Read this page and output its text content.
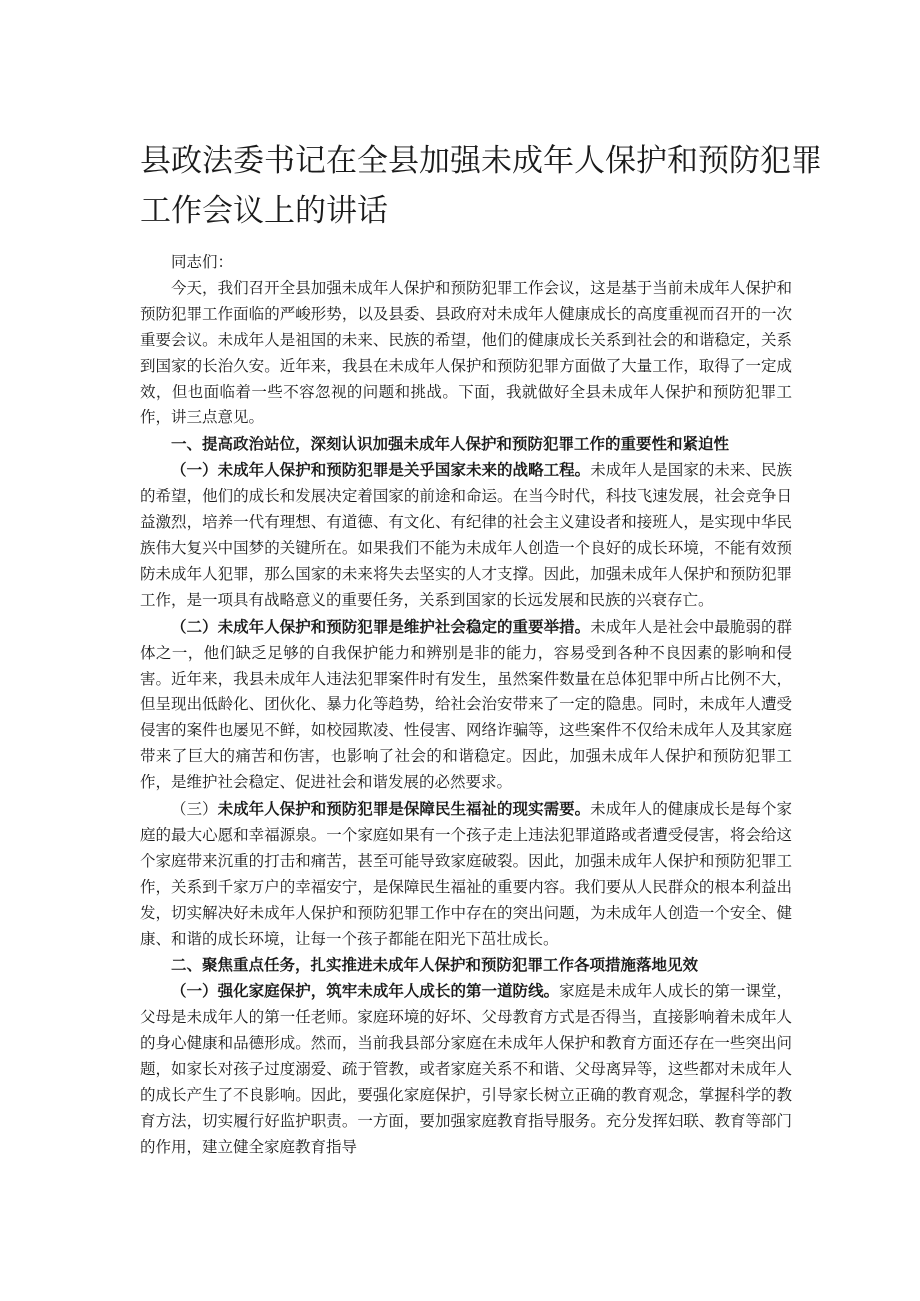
县政法委书记在全县加强未成年人保护和预防犯罪
工作会议上的讲话

同志们：

今天，我们召开全县加强未成年人保护和预防犯罪工作会议，这是基于当前未成年人保护和预防犯罪工作面临的严峻形势，以及县委、县政府对未成年人健康成长的高度重视而召开的一次重要会议。未成年人是祖国的未来、民族的希望，他们的健康成长关系到社会的和谐稳定，关系到国家的长治久安。近年来，我县在未成年人保护和预防犯罪方面做了大量工作，取得了一定成效，但也面临着一些不容忽视的问题和挑战。下面，我就做好全县未成年人保护和预防犯罪工作，讲三点意见。

一、提高政治站位，深刻认识加强未成年人保护和预防犯罪工作的重要性和紧迫性

（一）未成年人保护和预防犯罪是关乎国家未来的战略工程。未成年人是国家的未来、民族的希望，他们的成长和发展决定着国家的前途和命运。在当今时代，科技飞速发展，社会竞争日益激烈，培养一代有理想、有道德、有文化、有纪律的社会主义建设者和接班人，是实现中华民族伟大复兴中国梦的关键所在。如果我们不能为未成年人创造一个良好的成长环境，不能有效预防未成年人犯罪，那么国家的未来将失去坚实的人才支撑。因此，加强未成年人保护和预防犯罪工作，是一项具有战略意义的重要任务，关系到国家的长远发展和民族的兴衰存亡。

（二）未成年人保护和预防犯罪是维护社会稳定的重要举措。未成年人是社会中最脆弱的群体之一，他们缺乏足够的自我保护能力和辨别是非的能力，容易受到各种不良因素的影响和侵害。近年来，我县未成年人违法犯罪案件时有发生，虽然案件数量在总体犯罪中所占比例不大，但呈现出低龄化、团伙化、暴力化等趋势，给社会治安带来了一定的隐患。同时，未成年人遭受侵害的案件也屡见不鲜，如校园欺凌、性侵害、网络诈骗等，这些案件不仅给未成年人及其家庭带来了巨大的痛苦和伤害，也影响了社会的和谐稳定。因此，加强未成年人保护和预防犯罪工作，是维护社会稳定、促进社会和谐发展的必然要求。

（三）未成年人保护和预防犯罪是保障民生福祉的现实需要。未成年人的健康成长是每个家庭的最大心愿和幸福源泉。一个家庭如果有一个孩子走上违法犯罪道路或者遭受侵害，将会给这个家庭带来沉重的打击和痛苦，甚至可能导致家庭破裂。因此，加强未成年人保护和预防犯罪工作，关系到千家万户的幸福安宁，是保障民生福祉的重要内容。我们要从人民群众的根本利益出发，切实解决好未成年人保护和预防犯罪工作中存在的突出问题，为未成年人创造一个安全、健康、和谐的成长环境，让每一个孩子都能在阳光下茁壮成长。

二、聚焦重点任务，扎实推进未成年人保护和预防犯罪工作各项措施落地见效

（一）强化家庭保护，筑牢未成年人成长的第一道防线。家庭是未成年人成长的第一课堂，父母是未成年人的第一任老师。家庭环境的好坏、父母教育方式是否得当，直接影响着未成年人的身心健康和品德形成。然而，当前我县部分家庭在未成年人保护和教育方面还存在一些突出问题，如家长对孩子过度溺爱、疏于管教，或者家庭关系不和谐、父母离异等，这些都对未成年人的成长产生了不良影响。因此，要强化家庭保护，引导家长树立正确的教育观念，掌握科学的教育方法，切实履行好监护职责。一方面，要加强家庭教育指导服务。充分发挥妇联、教育等部门的作用，建立健全家庭教育指导
